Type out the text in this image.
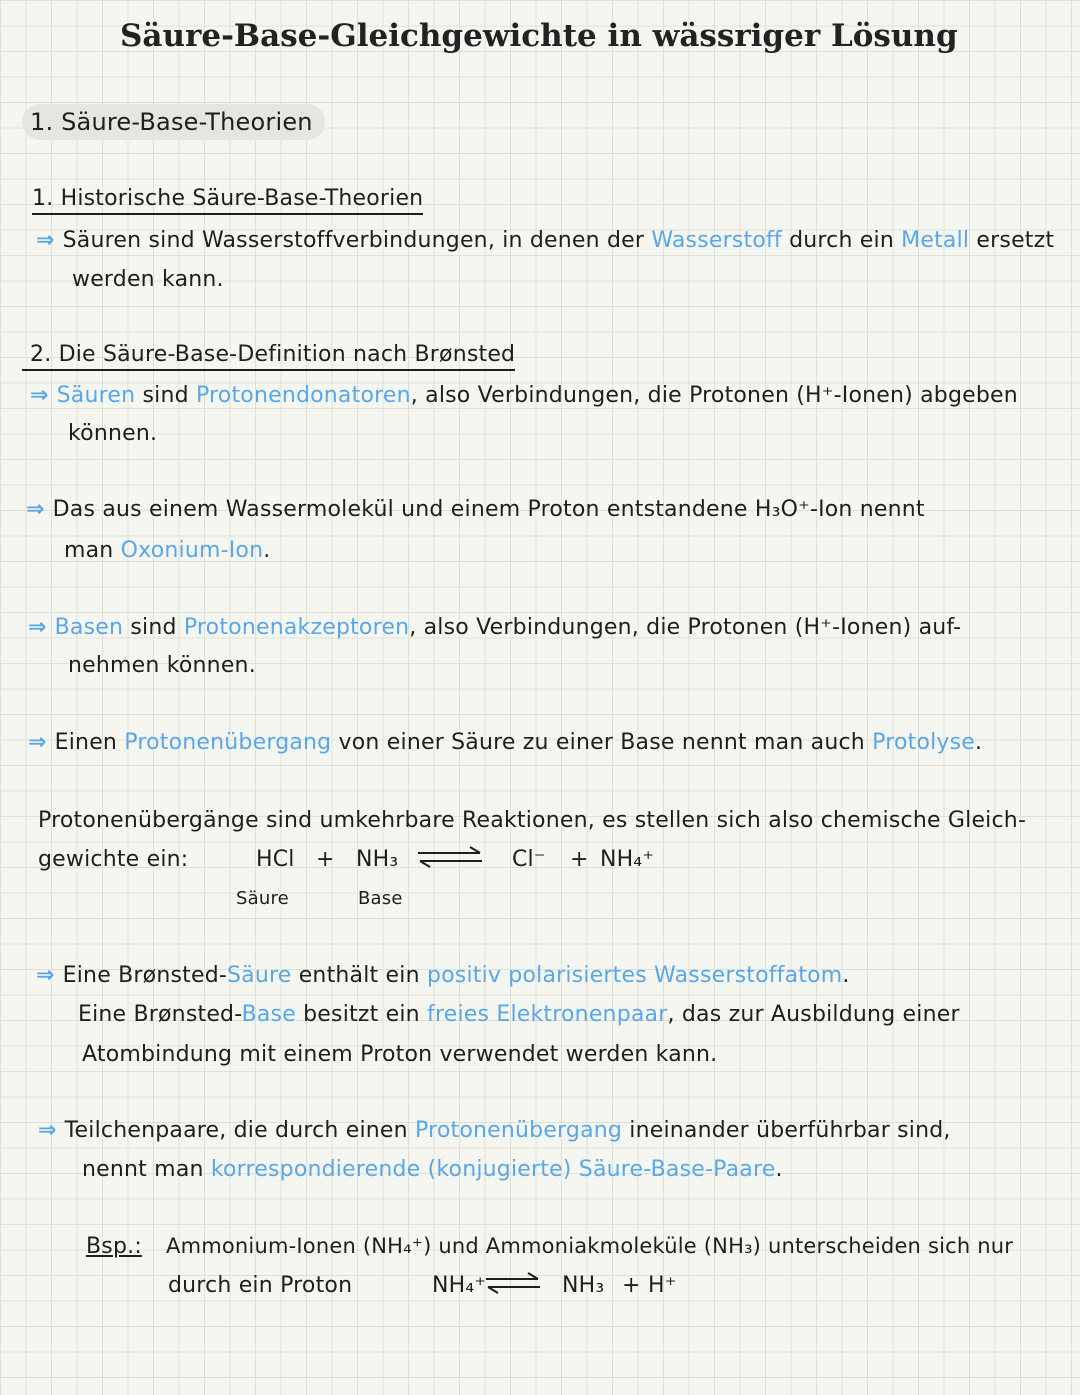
Säure-Base-Gleichgewichte in wässriger Lösung
1. Säure-Base-Theorien
1. Historische Säure-Base-Theorien
⇒ Säuren sind Wasserstoffverbindungen, in denen der Wasserstoff durch ein Metall ersetzt
werden kann.
2. Die Säure-Base-Definition nach Brønsted
⇒ Säuren sind Protonendonatoren, also Verbindungen, die Protonen (H⁺-Ionen) abgeben
können.
⇒ Das aus einem Wassermolekül und einem Proton entstandene H₃O⁺-Ion nennt
man Oxonium-Ion.
⇒ Basen sind Protonenakzeptoren, also Verbindungen, die Protonen (H⁺-Ionen) auf-
nehmen können.
⇒ Einen Protonenübergang von einer Säure zu einer Base nennt man auch Protolyse.
Protonenübergänge sind umkehrbare Reaktionen, es stellen sich also chemische Gleich-
gewichte ein:	HCl + NH₃	Cl⁻ + NH₄⁺
Säure	Base
⇒ Eine Brønsted-Säure enthält ein positiv polarisiertes Wasserstoffatom.
Eine Brønsted-Base besitzt ein freies Elektronenpaar, das zur Ausbildung einer
Atombindung mit einem Proton verwendet werden kann.
⇒ Teilchenpaare, die durch einen Protonenübergang ineinander überführbar sind,
nennt man korrespondierende (konjugierte) Säure-Base-Paare.
Bsp.: Ammonium-Ionen (NH₄⁺) und Ammoniakmoleküle (NH₃) unterscheiden sich nur
durch ein Proton	NH₄⁺ ⇌ NH₃ + H⁺
